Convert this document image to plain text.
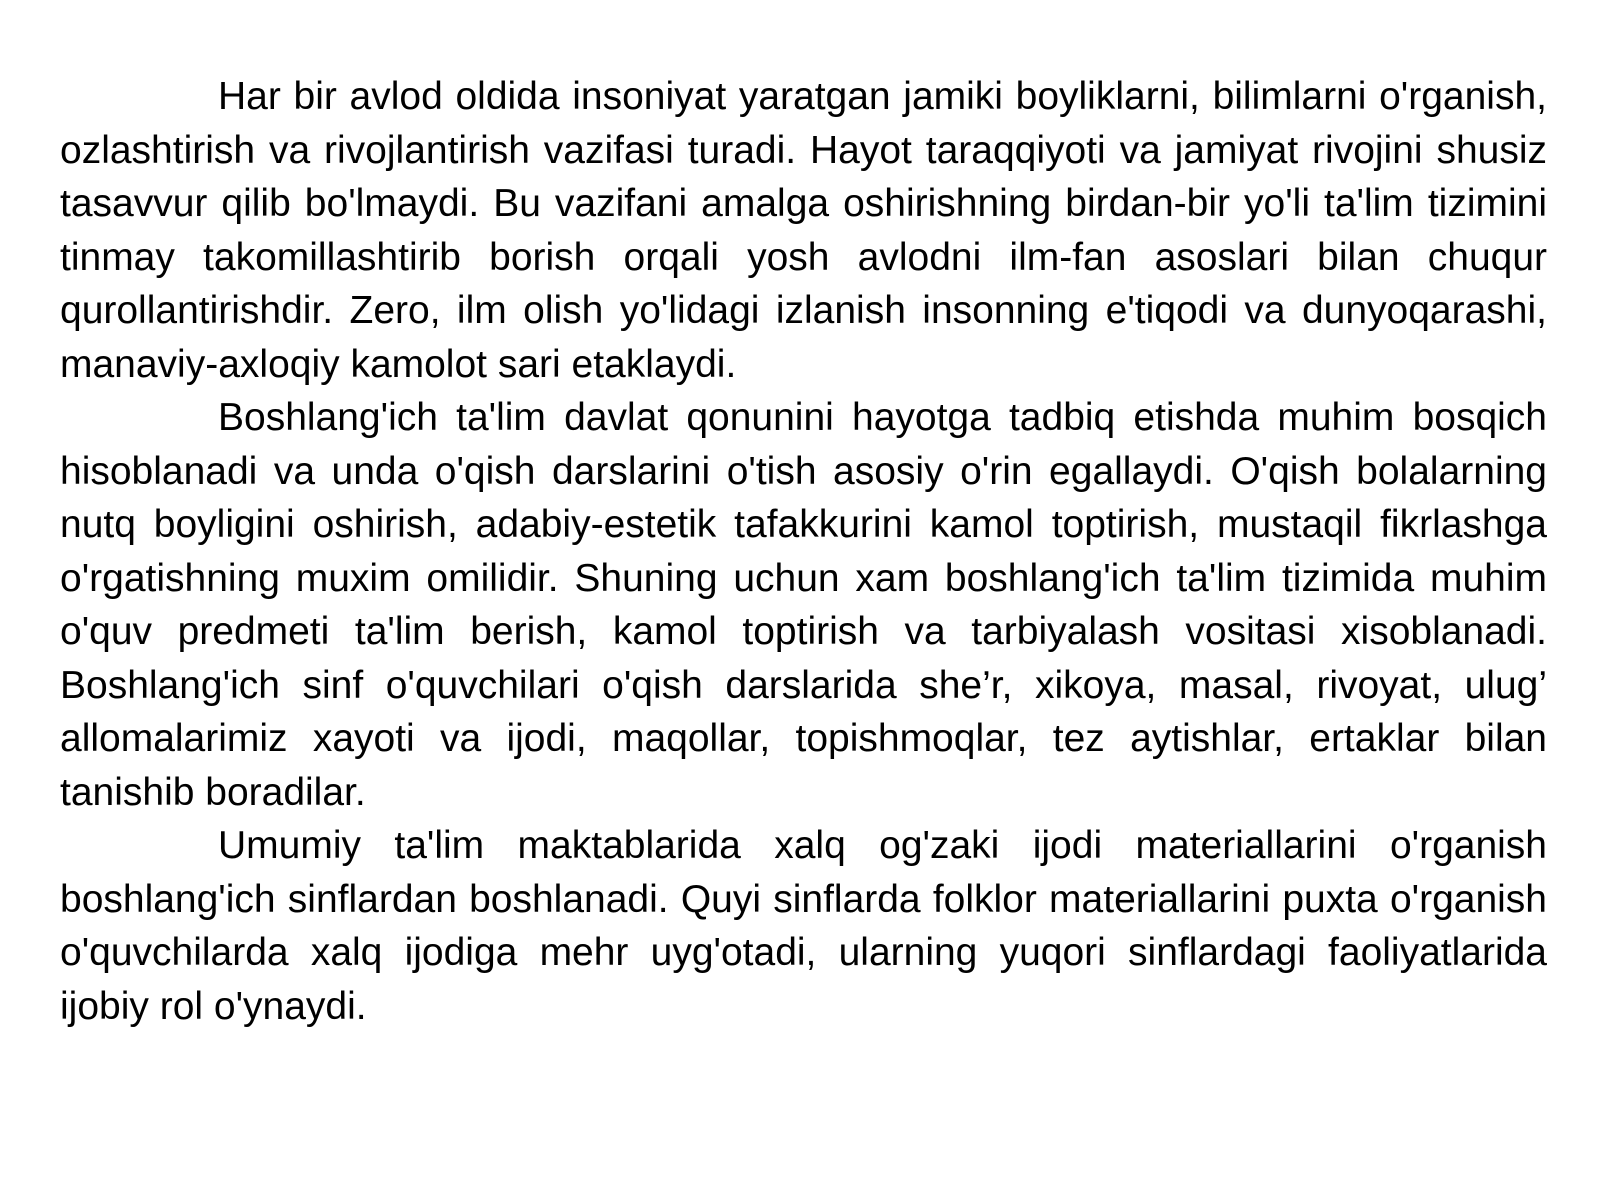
Har bir avlod oldida insoniyat yaratgan jamiki boyliklarni, bilimlarni o'rganish, ozlashtirish va rivojlantirish vazifasi turadi. Hayot taraqqiyoti va jamiyat rivojini shusiz tasavvur qilib bo'lmaydi. Bu vazifani amalga oshirishning birdan-bir yo'li ta'lim tizimini tinmay takomillashtirib borish orqali yosh avlodni ilm-fan asoslari bilan chuqur qurollantirishdir. Zero, ilm olish yo'lidagi izlanish insonning e'tiqodi va dunyoqarashi, manaviy-axloqiy kamolot sari etaklaydi.

Boshlang'ich ta'lim davlat qonunini hayotga tadbiq etishda muhim bosqich hisoblanadi va unda o'qish darslarini o'tish asosiy o'rin egallaydi. O'qish bolalarning nutq boyligini oshirish, adabiy-estetik tafakkurini kamol toptirish, mustaqil fikrlashga o'rgatishning muxim omilidir. Shuning uchun xam boshlang'ich ta'lim tizimida muhim o'quv predmeti ta'lim berish, kamol toptirish va tarbiyalash vositasi xisoblanadi. Boshlang'ich sinf o'quvchilari o'qish darslarida she’r, xikoya, masal, rivoyat, ulug’ allomalarimiz xayoti va ijodi, maqollar, topishmoqlar, tez aytishlar, ertaklar bilan tanishib boradilar.

Umumiy ta'lim maktablarida xalq og'zaki ijodi materiallarini o'rganish boshlang'ich sinflardan boshlanadi. Quyi sinflarda folklor materiallarini puxta o'rganish o'quvchilarda xalq ijodiga mehr uyg'otadi, ularning yuqori sinflardagi faoliyatlarida ijobiy rol o'ynaydi.
